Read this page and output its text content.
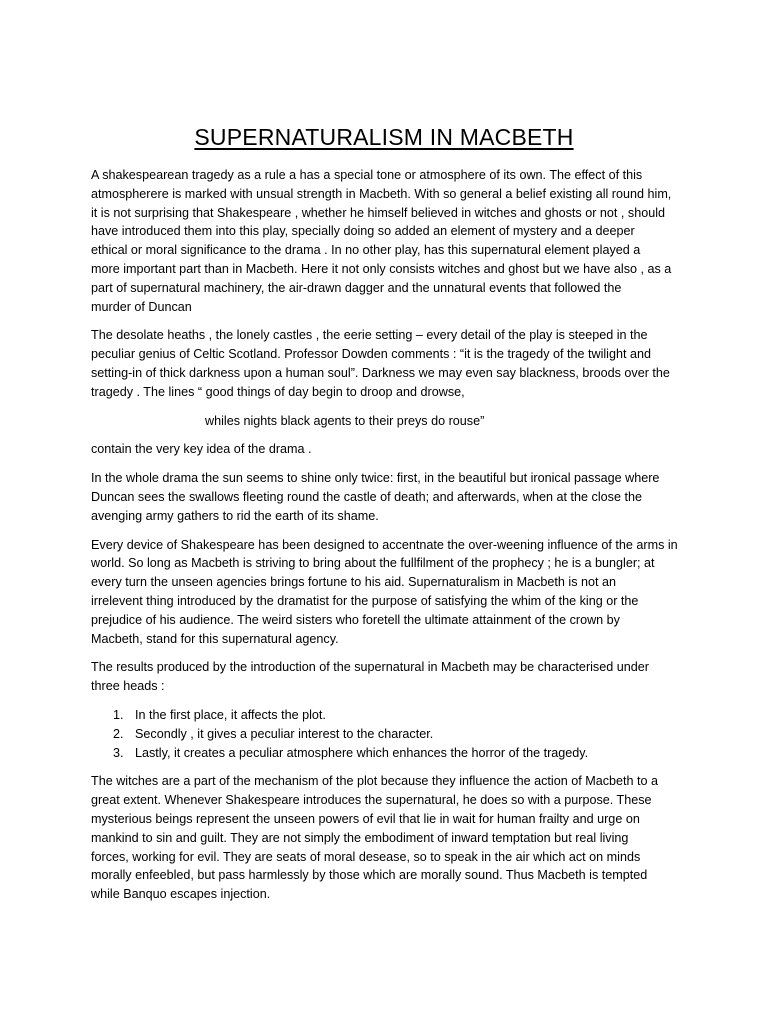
SUPERNATURALISM IN MACBETH
A shakespearean tragedy as a rule a has a special tone or atmosphere of its own. The effect of this
atmospherere is marked with unsual strength in Macbeth. With so general a belief existing all round him,
it is not surprising that Shakespeare , whether he himself believed in witches and ghosts or not , should
have introduced them into this play, specially doing so added an element of mystery and a deeper
ethical or moral significance to the drama . In no other play, has this supernatural element played a
more important part than in Macbeth. Here it not only consists witches and ghost but we have also , as a
part of supernatural machinery, the air-drawn dagger and the unnatural events that followed the
murder of Duncan
The desolate heaths , the lonely castles , the eerie setting – every detail of the play is steeped in the
peculiar genius of Celtic Scotland. Professor Dowden comments : “it is the tragedy of the twilight and
setting-in of thick darkness upon a human soul”. Darkness we may even say blackness, broods over the
tragedy . The lines “ good things of day begin to droop and drowse,
whiles nights black agents to their preys do rouse”
contain the very key idea of the drama .
In the whole drama the sun seems to shine only twice: first, in the beautiful but ironical passage where
Duncan sees the swallows fleeting round the castle of death; and afterwards, when at the close the
avenging army gathers to rid the earth of its shame.
Every device of Shakespeare has been designed to accentnate the over-weening influence of the arms in
world. So long as Macbeth is striving to bring about the fullfilment of the prophecy ; he is a bungler; at
every turn the unseen agencies brings fortune to his aid. Supernaturalism in Macbeth is not an
irrelevent thing introduced by the dramatist for the purpose of satisfying the whim of the king or the
prejudice of his audience. The weird sisters who foretell the ultimate attainment of the crown by
Macbeth, stand for this supernatural agency.
The results produced by the introduction of the supernatural in Macbeth may be characterised under
three heads :
1. In the first place, it affects the plot.
2. Secondly , it gives a peculiar interest to the character.
3. Lastly, it creates a peculiar atmosphere which enhances the horror of the tragedy.
The witches are a part of the mechanism of the plot because they influence the action of Macbeth to a
great extent. Whenever Shakespeare introduces the supernatural, he does so with a purpose. These
mysterious beings represent the unseen powers of evil that lie in wait for human frailty and urge on
mankind to sin and guilt. They are not simply the embodiment of inward temptation but real living
forces, working for evil. They are seats of moral desease, so to speak in the air which act on minds
morally enfeebled, but pass harmlessly by those which are morally sound. Thus Macbeth is tempted
while Banquo escapes injection.
